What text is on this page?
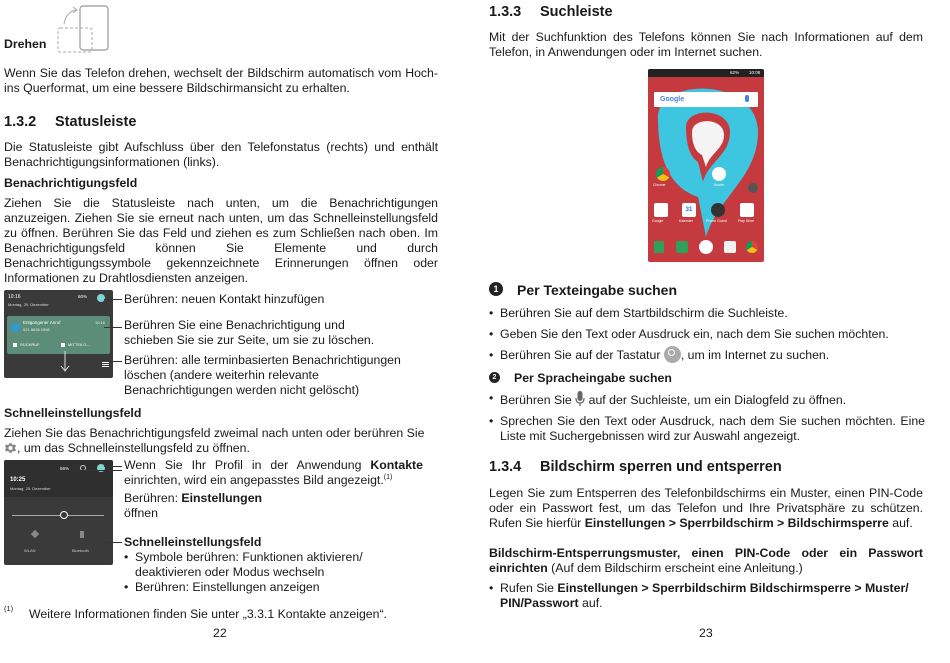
Drehen
Wenn Sie das Telefon drehen, wechselt der Bildschirm automatisch vom Hoch- ins Querformat, um eine bessere Bildschirmansicht zu erhalten.
1.3.2 Statusleiste
Die Statusleiste gibt Aufschluss über den Telefonstatus (rechts) und enthält Benachrichtigungsinformationen (links).
Benachrichtigungsfeld
Ziehen Sie die Statusleiste nach unten, um die Benachrichtigungen anzuzeigen. Ziehen Sie sie erneut nach unten, um das Schnelleinstellungsfeld zu öffnen. Berühren Sie das Feld und ziehen es zum Schließen nach oben. Im Benachrichtigungsfeld können Sie Elemente und durch Benachrichtigungssymbole gekennzeichnete Erinnerungen öffnen oder Informationen zu Drahtlosdiensten anzeigen.
10:16
Montag, 25. Dezember
60%
Entgangener Anruf
021 8636 1996
10:16
RÜCKRUF	MITTEILG...
Berühren: neuen Kontakt hinzufügen
Berühren Sie eine Benachrichtigung und schieben Sie sie zur Seite, um sie zu löschen.
Berühren: alle terminbasierten Benachrichtigungen löschen (andere weiterhin relevante Benachrichtigungen werden nicht gelöscht)
Schnelleinstellungsfeld
Ziehen Sie das Benachrichtigungsfeld zweimal nach unten oder berühren Sie
, um das Schnelleinstellungsfeld zu öffnen.
56%
10:25
Montag, 25. Dezember
WLAN	Bluetooth
Wenn Sie Ihr Profil in der Anwendung Kontakte einrichten, wird ein angepasstes Bild angezeigt.$^{(1)}$
Berühren: Einstellungen
öffnen
Schnelleinstellungsfeld
• Symbole berühren: Funktionen aktivieren/ deaktivieren oder Modus wechseln
• Berühren: Einstellungen anzeigen
(1) Weitere Informationen finden Sie unter „3.3.1 Kontakte anzeigen“.
22
1.3.3 Suchleiste
Mit der Suchfunktion des Telefons können Sie nach Informationen auf dem Telefon, in Anwendungen oder im Internet suchen.
62% 10:08
Google
Chrome	Suche
Google
31
Kalender	Phone Guard	Play Store
1	Per Texteingabe suchen
• Berühren Sie auf dem Startbildschirm die Suchleiste.
• Geben Sie den Text oder Ausdruck ein, nach dem Sie suchen möchten.
• Berühren Sie auf der Tastatur , um im Internet zu suchen.
2 Per Spracheingabe suchen
• Berühren Sie auf der Suchleiste, um ein Dialogfeld zu öffnen.
• Sprechen Sie den Text oder Ausdruck, nach dem Sie suchen möchten. Eine Liste mit Suchergebnissen wird zur Auswahl angezeigt.
1.3.4 Bildschirm sperren und entsperren
Legen Sie zum Entsperren des Telefonbildschirms ein Muster, einen PIN-Code oder ein Passwort fest, um das Telefon und Ihre Privatsphäre zu schützen. Rufen Sie hierfür Einstellungen > Sperrbildschirm > Bildschirmsperre auf.
Bildschirm-Entsperrungsmuster, einen PIN-Code oder ein Passwort einrichten (Auf dem Bildschirm erscheint eine Anleitung.)
• Rufen Sie Einstellungen > Sperrbildschirm Bildschirmsperre > Muster/ PIN/Passwort auf.
23
